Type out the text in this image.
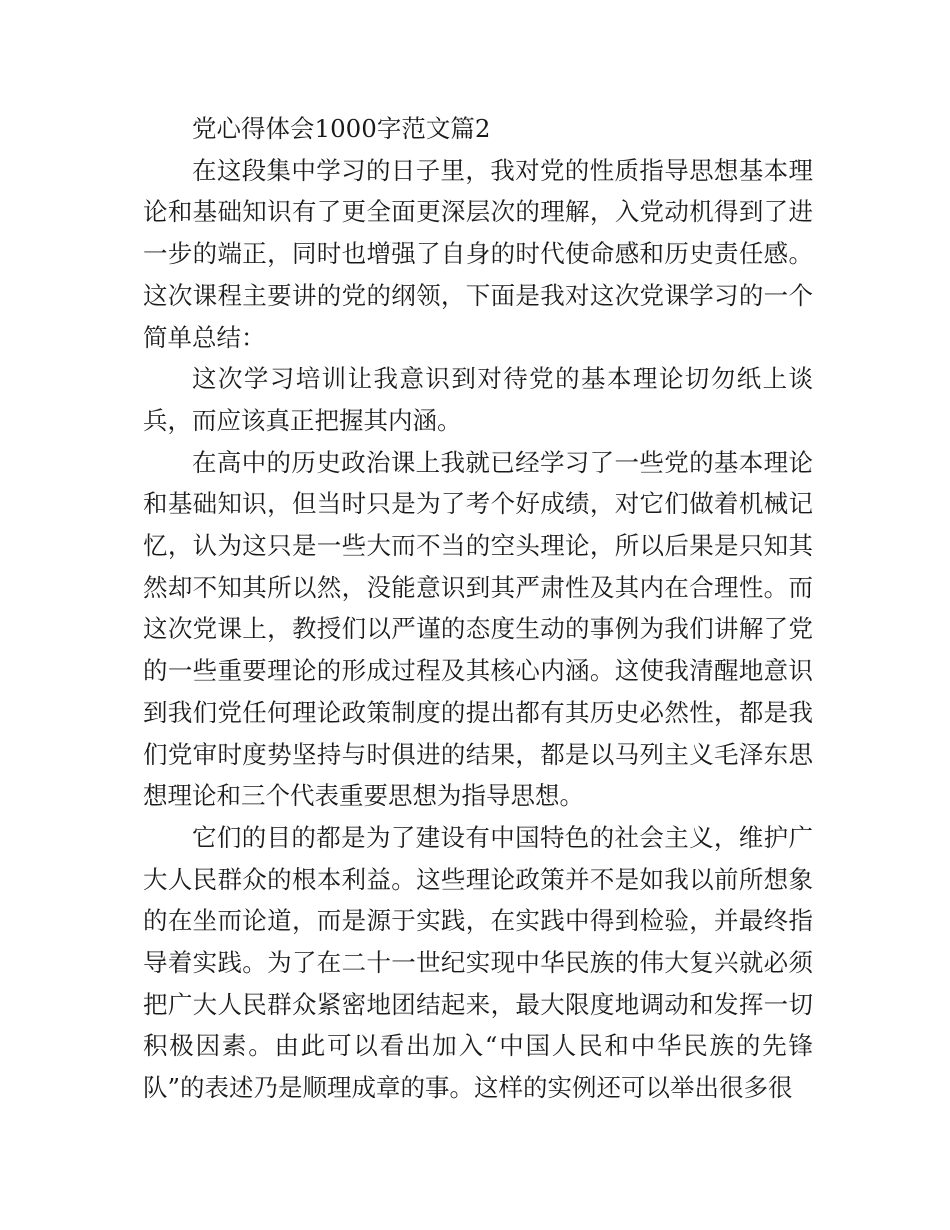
党心得体会1000字范文篇2

在这段集中学习的日子里，我对党的性质指导思想基本理论和基础知识有了更全面更深层次的理解，入党动机得到了进一步的端正，同时也增强了自身的时代使命感和历史责任感。这次课程主要讲的党的纲领，下面是我对这次党课学习的一个简单总结：

这次学习培训让我意识到对待党的基本理论切勿纸上谈兵，而应该真正把握其内涵。

在高中的历史政治课上我就已经学习了一些党的基本理论和基础知识，但当时只是为了考个好成绩，对它们做着机械记忆，认为这只是一些大而不当的空头理论，所以后果是只知其然却不知其所以然，没能意识到其严肃性及其内在合理性。而这次党课上，教授们以严谨的态度生动的事例为我们讲解了党的一些重要理论的形成过程及其核心内涵。这使我清醒地意识到我们党任何理论政策制度的提出都有其历史必然性，都是我们党审时度势坚持与时俱进的结果，都是以马列主义毛泽东思想理论和三个代表重要思想为指导思想。

它们的目的都是为了建设有中国特色的社会主义，维护广大人民群众的根本利益。这些理论政策并不是如我以前所想象的在坐而论道，而是源于实践，在实践中得到检验，并最终指导着实践。为了在二十一世纪实现中华民族的伟大复兴就必须把广大人民群众紧密地团结起来，最大限度地调动和发挥一切积极因素。由此可以看出加入“中国人民和中华民族的先锋队”的表述乃是顺理成章的事。这样的实例还可以举出很多很
